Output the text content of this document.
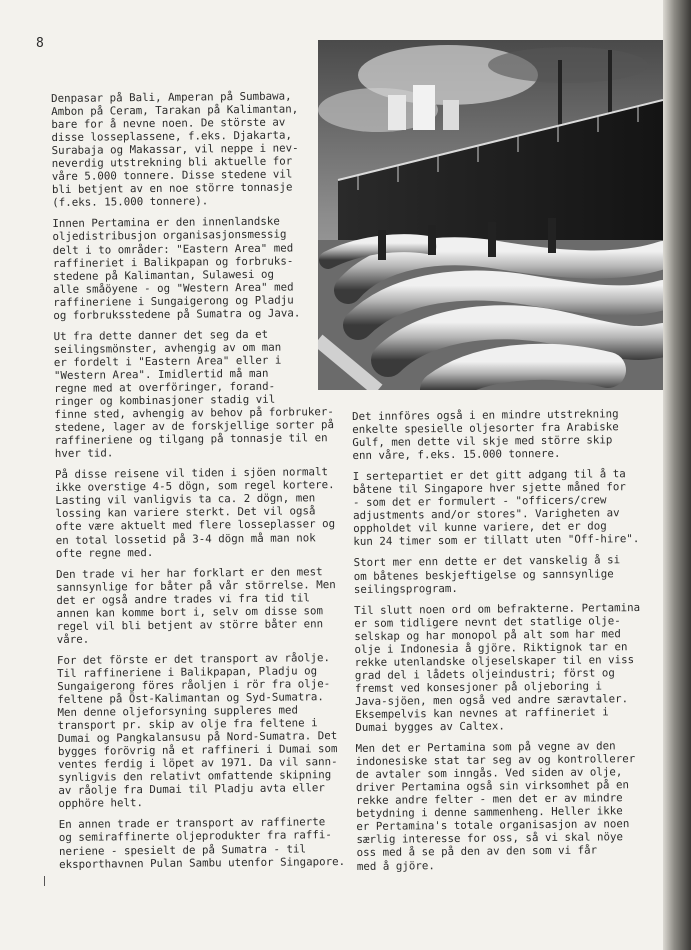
8

Denpasar på Bali, Amperan på Sumbawa,
Ambon på Ceram, Tarakan på Kalimantan,
bare for å nevne noen. De störste av
disse losseplassene, f.eks. Djakarta,
Surabaja og Makassar, vil neppe i nev-
neverdig utstrekning bli aktuelle for
våre 5.000 tonnere. Disse stedene vil
bli betjent av en noe större tonnasje
(f.eks. 15.000 tonnere).

Innen Pertamina er den innenlandske
oljedistribusjon organisasjonsmessig
delt i to områder: "Eastern Area" med
raffineriet i Balikpapan og forbruks-
stedene på Kalimantan, Sulawesi og
alle småöyene - og "Western Area" med
raffineriene i Sungaigerong og Pladju
og forbruksstedene på Sumatra og Java.

Ut fra dette danner det seg da et
seilingsmönster, avhengig av om man
er fordelt i "Eastern Area" eller i
"Western Area". Imidlertid må man
regne med at overföringer, forand-
ringer og kombinasjoner stadig vil
finne sted, avhengig av behov på forbruker-
stedene, lager av de forskjellige sorter på
raffineriene og tilgang på tonnasje til en
hver tid.

På disse reisene vil tiden i sjöen normalt
ikke overstige 4-5 dögn, som regel kortere.
Lasting vil vanligvis ta ca. 2 dögn, men
lossing kan variere sterkt. Det vil også
ofte være aktuelt med flere losseplasser og
en total lossetid på 3-4 dögn må man nok
ofte regne med.

Den trade vi her har forklart er den mest
sannsynlige for båter på vår störrelse. Men
det er også andre trades vi fra tid til
annen kan komme bort i, selv om disse som
regel vil bli betjent av större båter enn
våre.

For det förste er det transport av råolje.
Til raffineriene i Balikpapan, Pladju og
Sungaigerong föres råoljen i rör fra olje-
feltene på Öst-Kalimantan og Syd-Sumatra.
Men denne oljeforsyning suppleres med
transport pr. skip av olje fra feltene i
Dumai og Pangkalansusu på Nord-Sumatra. Det
bygges forövrig nå et raffineri i Dumai som
ventes ferdig i löpet av 1971. Da vil sann-
synligvis den relativt omfattende skipning
av råolje fra Dumai til Pladju avta eller
opphöre helt.

En annen trade er transport av raffinerte
og semiraffinerte oljeprodukter fra raffi-
neriene - spesielt de på Sumatra - til
eksporthavnen Pulan Sambu utenfor Singapore.

Det innföres også i en mindre utstrekning
enkelte spesielle oljesorter fra Arabiske
Gulf, men dette vil skje med större skip
enn våre, f.eks. 15.000 tonnere.

I sertepartiet er det gitt adgang til å ta
båtene til Singapore hver sjette måned for
- som det er formulert - "officers/crew
adjustments and/or stores". Varigheten av
oppholdet vil kunne variere, det er dog
kun 24 timer som er tillatt uten "Off-hire".

Stort mer enn dette er det vanskelig å si
om båtenes beskjeftigelse og sannsynlige
seilingsprogram.

Til slutt noen ord om befrakterne. Pertamina
er som tidligere nevnt det statlige olje-
selskap og har monopol på alt som har med
olje i Indonesia å gjöre. Riktignok tar en
rekke utenlandske oljeselskaper til en viss
grad del i lådets oljeindustri; först og
fremst ved konsesjoner på oljeboring i
Java-sjöen, men også ved andre særavtaler.
Eksempelvis kan nevnes at raffineriet i
Dumai bygges av Caltex.

Men det er Pertamina som på vegne av den
indonesiske stat tar seg av og kontrollerer
de avtaler som inngås. Ved siden av olje,
driver Pertamina også sin virksomhet på en
rekke andre felter - men det er av mindre
betydning i denne sammenheng. Heller ikke
er Pertamina's totale organisasjon av noen
særlig interesse for oss, så vi skal nöye
oss med å se på den av den som vi får
med å gjöre.
